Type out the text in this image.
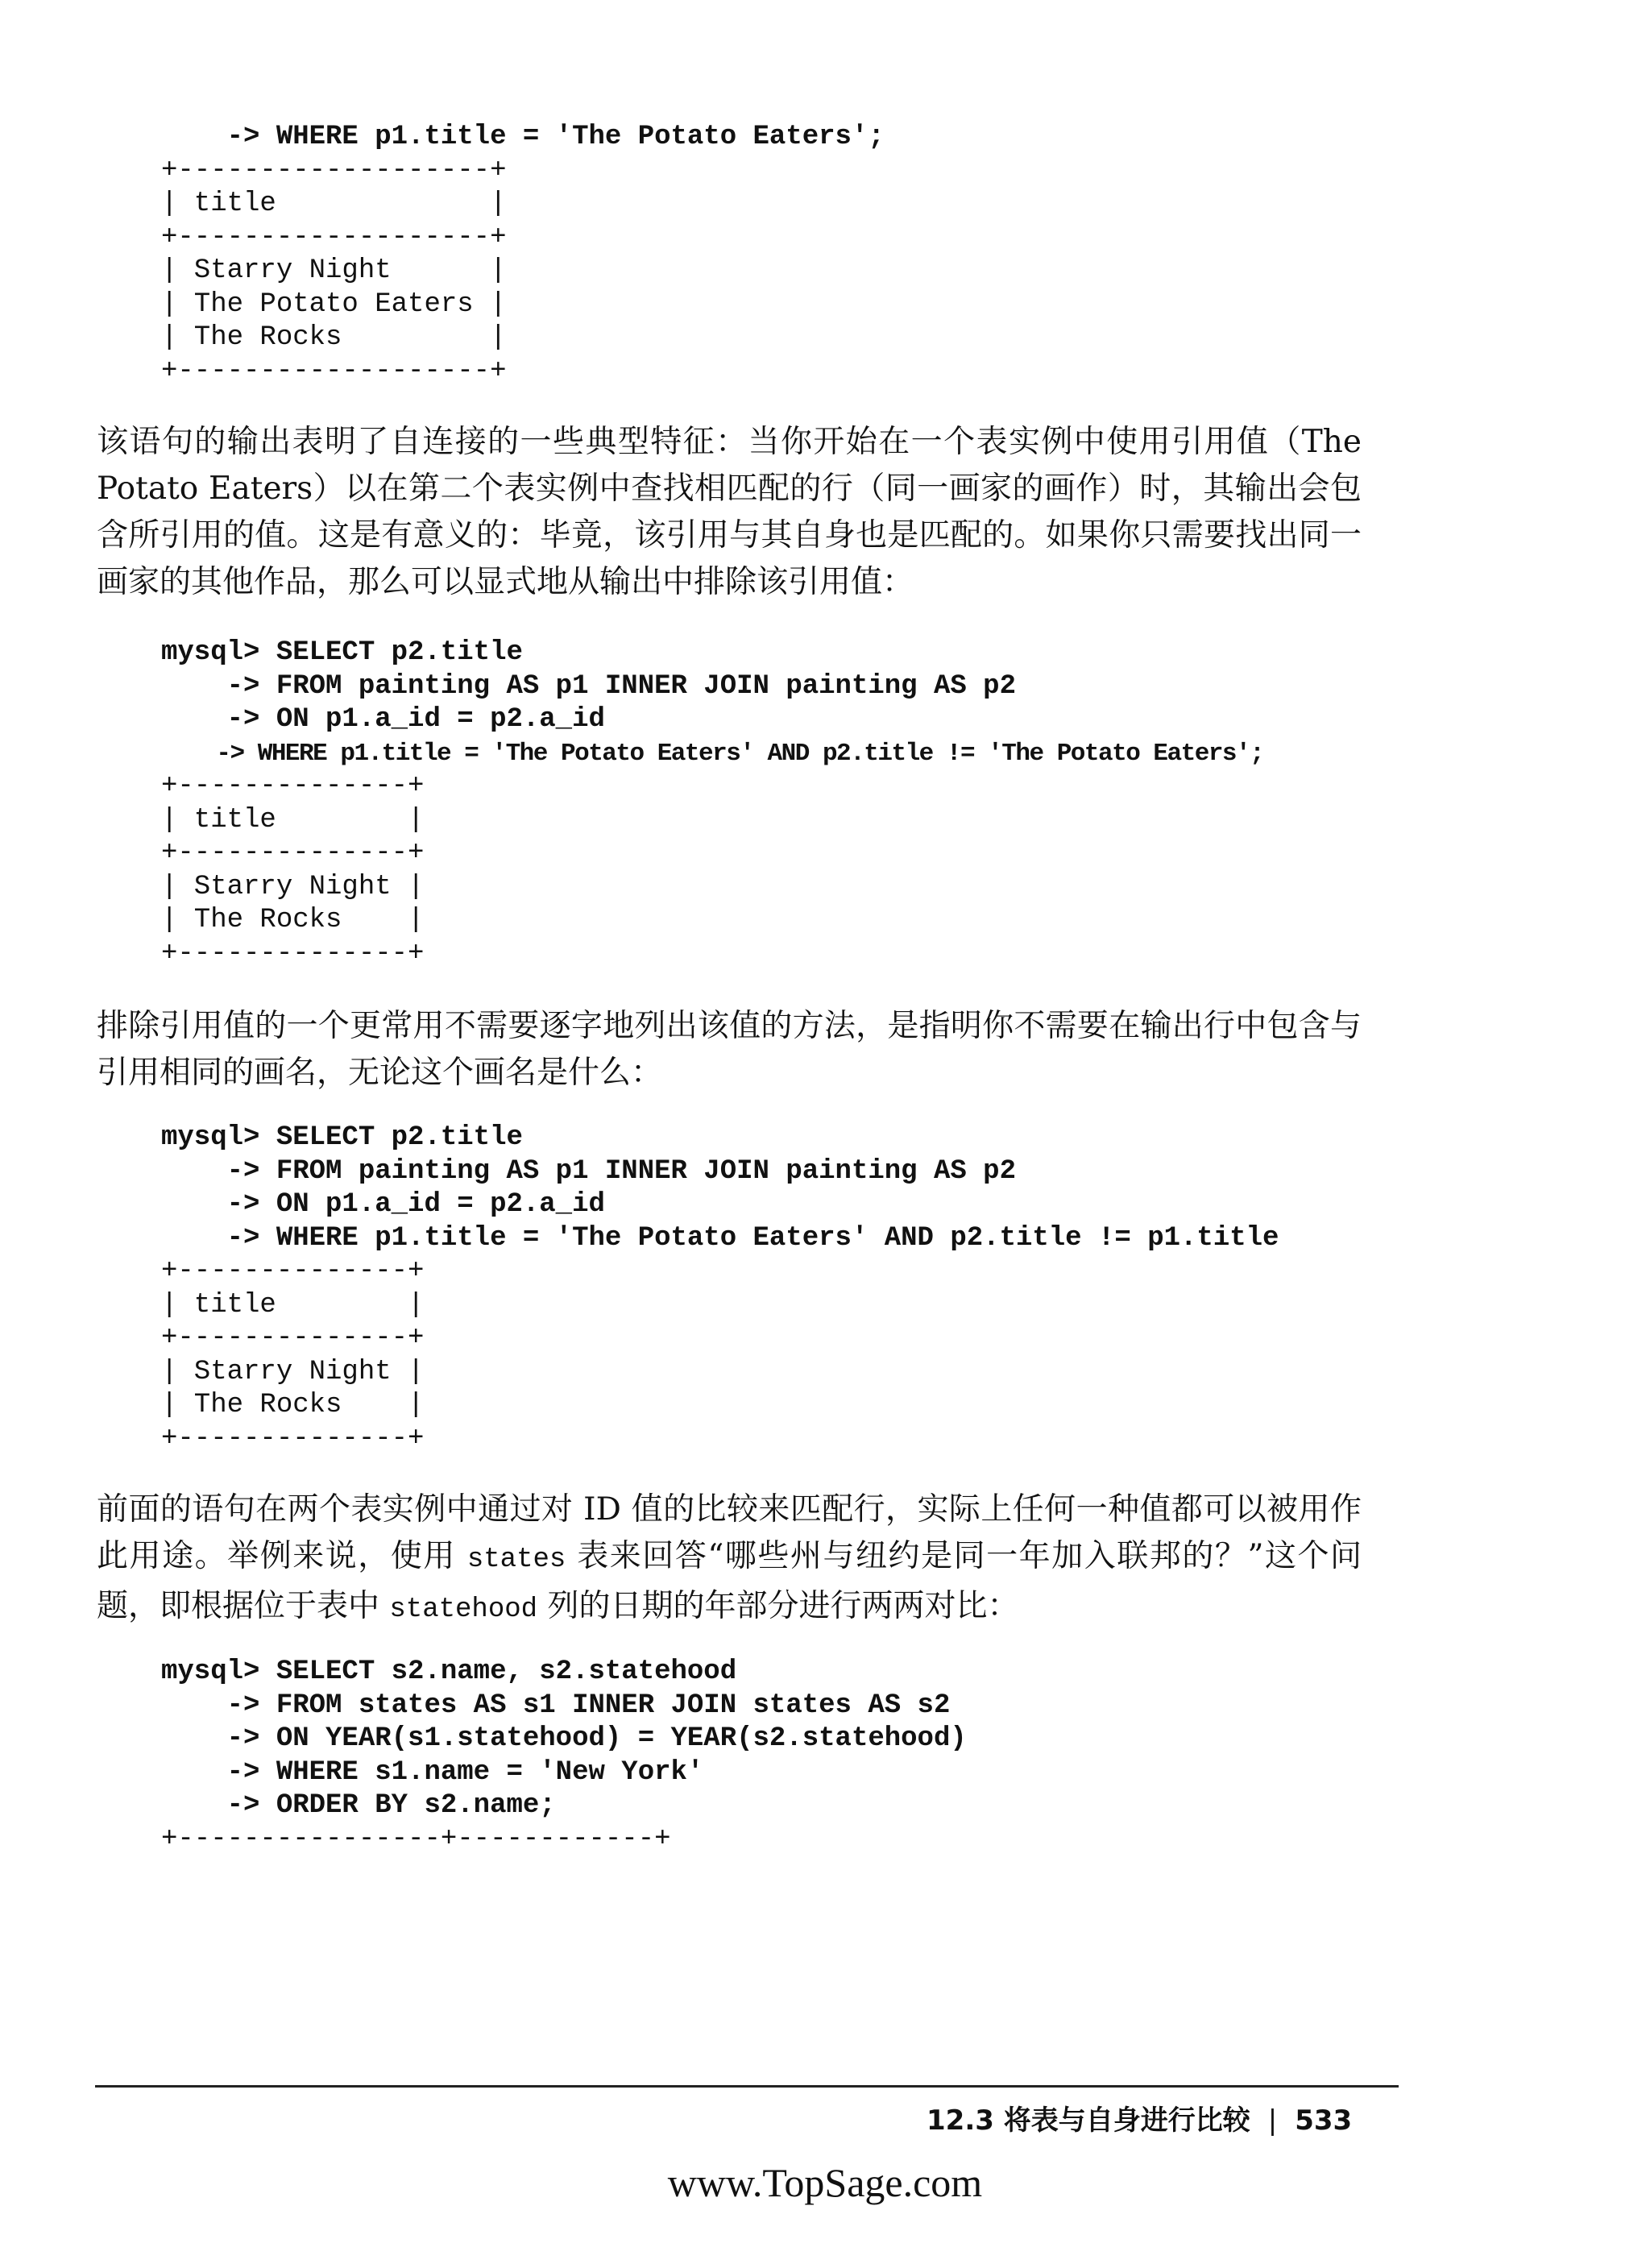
-> WHERE p1.title = 'The Potato Eaters';
+-------------------+
| title             |
+-------------------+
| Starry Night      |
| The Potato Eaters |
| The Rocks         |
+-------------------+

该语句的输出表明了自连接的一些典型特征：当你开始在一个表实例中使用引用值（The Potato Eaters）以在第二个表实例中查找相匹配的行（同一画家的画作）时，其输出会包含所引用的值。这是有意义的：毕竟，该引用与其自身也是匹配的。如果你只需要找出同一画家的其他作品，那么可以显式地从输出中排除该引用值：

mysql> SELECT p2.title
-> FROM painting AS p1 INNER JOIN painting AS p2
-> ON p1.a_id = p2.a_id
-> WHERE p1.title = 'The Potato Eaters' AND p2.title != 'The Potato Eaters';
+--------------+
| title        |
+--------------+
| Starry Night |
| The Rocks    |
+--------------+

排除引用值的一个更常用不需要逐字地列出该值的方法，是指明你不需要在输出行中包含与引用相同的画名，无论这个画名是什么：

mysql> SELECT p2.title
-> FROM painting AS p1 INNER JOIN painting AS p2
-> ON p1.a_id = p2.a_id
-> WHERE p1.title = 'The Potato Eaters' AND p2.title != p1.title
+--------------+
| title        |
+--------------+
| Starry Night |
| The Rocks    |
+--------------+

前面的语句在两个表实例中通过对 ID 值的比较来匹配行，实际上任何一种值都可以被用作此用途。举例来说，使用 states 表来回答“哪些州与纽约是同一年加入联邦的？”这个问题，即根据位于表中 statehood 列的日期的年部分进行两两对比：

mysql> SELECT s2.name, s2.statehood
-> FROM states AS s1 INNER JOIN states AS s2
-> ON YEAR(s1.statehood) = YEAR(s2.statehood)
-> WHERE s1.name = 'New York'
-> ORDER BY s2.name;
+----------------+------------+
12.3 将表与自身进行比较 | 533
www.TopSage.com
